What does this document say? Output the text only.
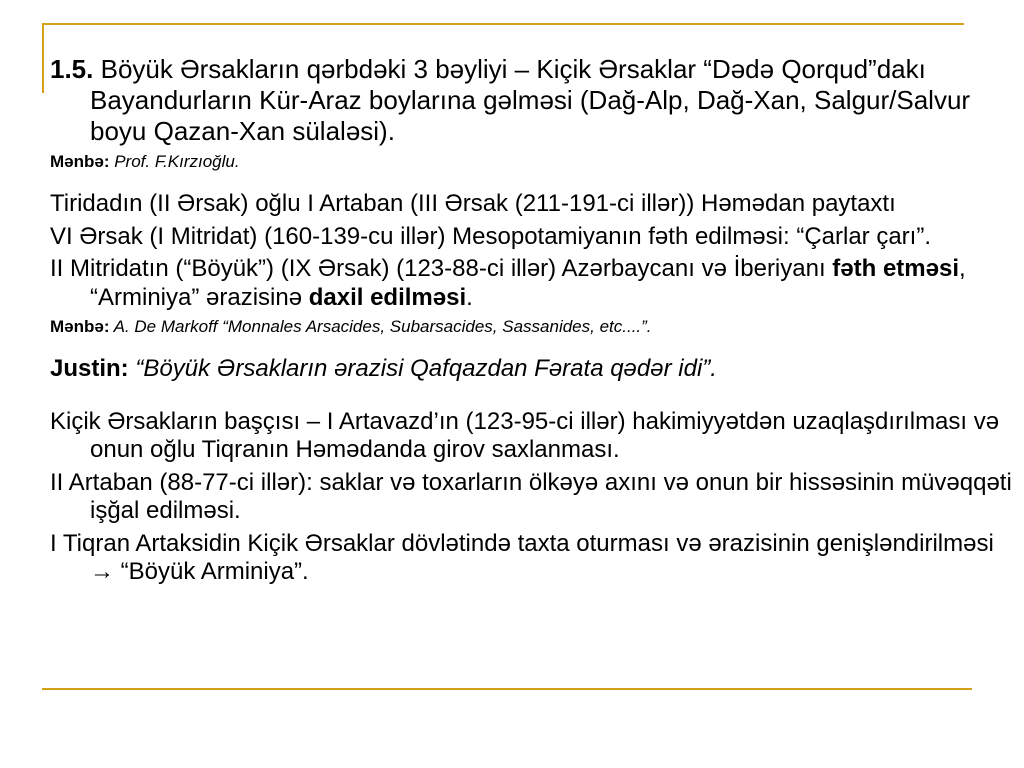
1.5. Böyük Ərsakların qərbdəki 3 bəyliyi – Kiçik Ərsaklar “Dədə Qorqud”dakı Bayandurların Kür-Araz boylarına gəlməsi (Dağ-Alp, Dağ-Xan, Salgur/Salvur boyu Qazan-Xan sülaləsi).

Mənbə: Prof. F.Kırzıoğlu.

Tiridadın (II Ərsak) oğlu I Artaban (III Ərsak (211-191-ci illər)) Həmədan paytaxtı

VI Ərsak (I Mitridat) (160-139-cu illər) Mesopotamiyanın fəth edilməsi: “Çarlar çarı”.

II Mitridatın (“Böyük”) (IX Ərsak) (123-88-ci illər) Azərbaycanı və İberiyanı fəth etməsi, “Arminiya” ərazisinə daxil edilməsi.

Mənbə: A. De Markoff “Monnales Arsacides, Subarsacides, Sassanides, etc....”.

Justin: “Böyük Ərsakların ərazisi Qafqazdan Fərata qədər idi”.

Kiçik Ərsakların başçısı – I Artavazd’ın (123-95-ci illər) hakimiyyətdən uzaqlaşdırılması və onun oğlu Tiqranın Həmədanda girov saxlanması.

II Artaban (88-77-ci illər): saklar və toxarların ölkəyə axını və onun bir hissəsinin müvəqqəti işğal edilməsi.

I Tiqran Artaksidin Kiçik Ərsaklar dövlətində taxta oturması və ərazisinin genişləndirilməsi → “Böyük Arminiya”.
